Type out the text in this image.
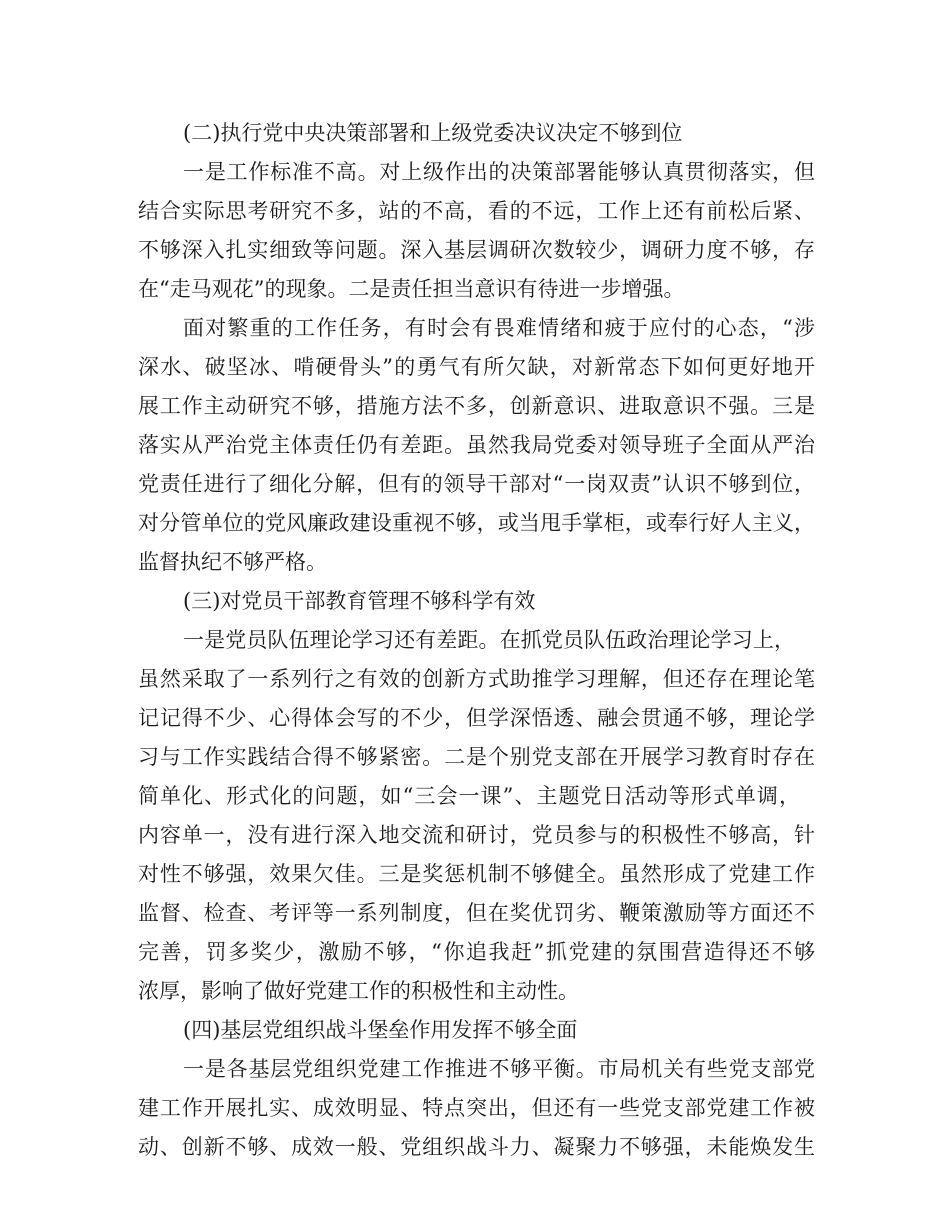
(二)执行党中央决策部署和上级党委决议决定不够到位
一是工作标准不高。对上级作出的决策部署能够认真贯彻落实，但
结合实际思考研究不多，站的不高，看的不远，工作上还有前松后紧、
不够深入扎实细致等问题。深入基层调研次数较少，调研力度不够，存
在“走马观花”的现象。二是责任担当意识有待进一步增强。
面对繁重的工作任务，有时会有畏难情绪和疲于应付的心态，“涉
深水、破坚冰、啃硬骨头”的勇气有所欠缺，对新常态下如何更好地开
展工作主动研究不够，措施方法不多，创新意识、进取意识不强。三是
落实从严治党主体责任仍有差距。虽然我局党委对领导班子全面从严治
党责任进行了细化分解，但有的领导干部对“一岗双责”认识不够到位，
对分管单位的党风廉政建设重视不够，或当甩手掌柜，或奉行好人主义，
监督执纪不够严格。
(三)对党员干部教育管理不够科学有效
一是党员队伍理论学习还有差距。在抓党员队伍政治理论学习上，
虽然采取了一系列行之有效的创新方式助推学习理解，但还存在理论笔
记记得不少、心得体会写的不少，但学深悟透、融会贯通不够，理论学
习与工作实践结合得不够紧密。二是个别党支部在开展学习教育时存在
简单化、形式化的问题，如“三会一课”、主题党日活动等形式单调，
内容单一，没有进行深入地交流和研讨，党员参与的积极性不够高，针
对性不够强，效果欠佳。三是奖惩机制不够健全。虽然形成了党建工作
监督、检查、考评等一系列制度，但在奖优罚劣、鞭策激励等方面还不
完善，罚多奖少，激励不够，“你追我赶”抓党建的氛围营造得还不够
浓厚，影响了做好党建工作的积极性和主动性。
(四)基层党组织战斗堡垒作用发挥不够全面
一是各基层党组织党建工作推进不够平衡。市局机关有些党支部党
建工作开展扎实、成效明显、特点突出，但还有一些党支部党建工作被
动、创新不够、成效一般、党组织战斗力、凝聚力不够强，未能焕发生
